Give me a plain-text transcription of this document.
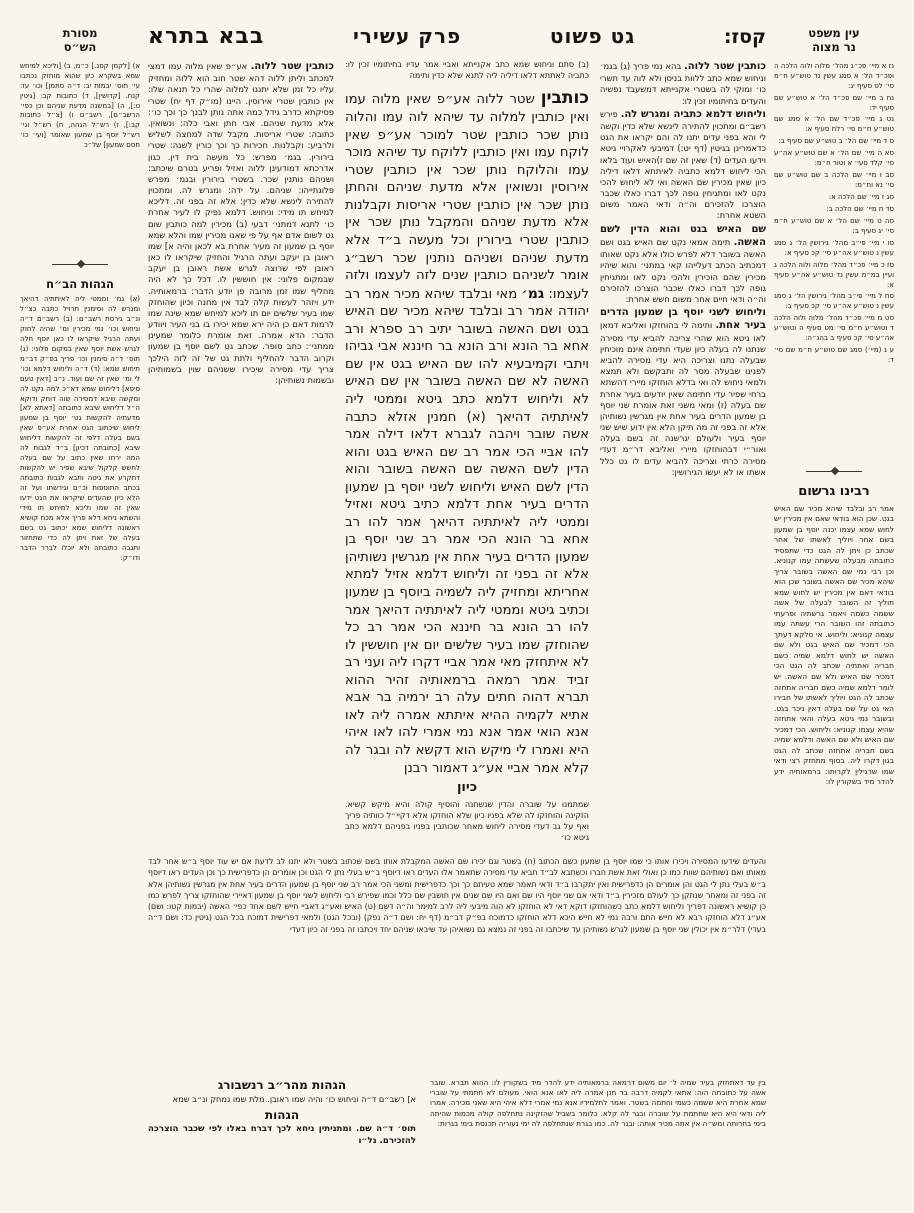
קסז:
גט פשוט
פרק עשירי
בבא בתרא	עין משפט
נר מצוה
נז א מיי׳ פכ״ג מהל׳ מלוה ולוה הלכה ה ופכ״ד הל׳ א סמג עשין נד טוש״ע ח״מ סי׳ לט סעיף יג:
נח ב מיי׳ שם פכ״ד הל׳ א טוש״ע שם סעיף יד:
נט ג מיי׳ פכ״ד שם הל׳ א סמג שם טוש״ע ח״מ סי׳ רלח סעיף א:
ס ד מיי׳ שם הל׳ ב טוש״ע שם סעיף ב:
סא ה מיי׳ שם הל׳ א שם טוש״ע אה״ע סי׳ קלד סעי׳ א וטור ח״מ:
סב ו מיי׳ שם הלכה ב שם טוש״ע שם סי׳ נא וח״מ:
סג ז מיי׳ שם הלכה א:
סד ח מיי׳ שם הלכה ב:
סה ט מיי׳ שם הל׳ א שם טוש״ע ח״מ סי׳ יג סעיף ב:
סו י מיי׳ פי״ב מהל׳ גירושין הל׳ ג סמג עשין נ טוש״ע אה״ע סי׳ קכ סעיף א:
סז כ מיי׳ פכ״ד מהל׳ מלוה ולוה הלכה ג ועיין במ״מ עשין נד טוש״ע אה״ע סעיף א:
סח ל מיי׳ פי״ב מהל׳ גירושין הל׳ ג סמג עשין נ טוש״ע אה״ע סי׳ קכ סעיף ב:
סט מ מיי׳ פכ״ד מהל׳ מלוה ולוה הלכה ד וטוש״ע ח״מ סי׳ מט סעיף ה וטוש״ע אה״ע סי׳ קכ סעיף ב בהג״ה:
ע נ (מיי׳) סמג שם טוש״ע ח״מ שם סי׳ ד:
רבינו גרשום
אמר רב ובלבד שיהא מכיר שם האיש בגט. שכן הוא בודאי שאם אין מכירין יש לחוש שמא עצמו יכנה יוסף בן שמעון בשם אחר ויוליך לאשתו של אחר שכתב כן ויתן לה הגט כדי שתפסיד כתובתה מבעלה שעשתה עמו קנוניא. וכן רבי נמי שם האשה בשובר צריך שיהא מכיר שם האשה בשובר שכן הוא בודאי דאם אין מכירין יש לחוש שמא תוליך זה השובר לבעלה של אשה ששמה כשמה ויאמר גרשתיה ופרעתי כתובתה זהו השובר הרי עשתה עמו עצמה קנוניא: וליחוש. אי סלקא דעתך הכי דמכיר שם האיש בגט ולא שם האשה יש לחוש דלמא שמיה כשם חבריה ואתתיה שכתב לה הגט הכי דמכיר שם האיש ולא שם האשה. יש לומר דלמא שמיה כשם חבריה אתחזה שכתב לה הגט ויוליך לאשתו של חבירו האי גט על שם בעלה דאין ניכר בגט. ובשובר נמי גיטא בעלה והאי אתחזה שהיא עצמו קנוניא: וליחוש. הכי דמכיר שם האיש ולא שם האשה ודלמא שמיה בשם חבריה אתחזה שכתב לה הגט בגון דקרו ליה. בסוף מתחזק רצי ודאי שמו שרגילין לקרותו: ברמאותיה ידע להדר מיד בשקורין לו:
מסורת
הש״ס
א) [לקמן קסג.] כ״מ, ב) [וליכא למיחש שמא בשקרא כיון שהוא מוחזק נכתבו עי׳ תוס׳ יבמות יב: ד״ה סתמן] וכו׳ עז: קנח. [קדושין], ד) כתובות קב: [גיטין ט:], ה) [במשנה מדעת שניהם וכן כפי׳ הרשב״ם], רשב״ם ו) [צ״ל כתובות קב:], ז) רש״ל הגהה, ח) רש״ל וגי׳ רש״ל יוסף בן שמעון שאומר [ועי׳ כו׳ חסם שמעון] של״כ
הגהות הב״ח
(א) גמ׳ וממטי ליה לאיתתיה דהיאך ומגרש לה וסימנין תרויל כתבה כצ״ל ונ״ב גירסת רשב״ם: (ב) רשב״ם ד״ה וניחוש וכו׳ נמי מכירין ומ׳ שהיה לחוק ועתה הרגיל שיקראו לו כאן יוסף חלה לגרש אשת יוסף שאין במקום פלוני: (ג) תוס׳ ד״ה סימנין וכו׳ פריך בפ״ק דב״מ תיחוש שמא: (ד) ד״ה וליחוש דלמא וכו׳ לי ומ׳ שאין זה שם ועוד. נ״ב [דאין טעם סיפא] דליחוש שמא דא״כ למה נקט לה ומקשה שיבא דמסירה שוה דוחק ודוקא ה״ל דליחוש שיבא כתובתה [דאתא לא] מדעתיה להקשות גט׳ יוסף בן שמעון ליחוש שיכתוב הגט אחרת אע״פ שאין בשם בעלה דלפי זה להקשות דליחוש שיבא [כתובתה דכיון] ב״ד לגבות לה המה ירחו שאין כתוב על שם בעלה לחשש קלקול שיבא שפיר יש להקשות דתקרע את גיטה ותבא לגבות כתובתה בכתב התוספות וכ״ם וגירשתו ועל זה הלא כיון שהעדים שיקראו את הגט ידעו שאין זה שמו וליכא למיחש תו מידי והשתא ניחא דלא פריך אלא מכח קושיא ראשונה דליחוש שמא יכתוב גט בשם בעלה של זאת ויתן לה כדי שתחזור ותגבה כתובתה ולא יוכלו לברר הדבר ודו״ק:

כותבין שטר ללוה. בהא נמי פריך (ג) בגמ׳ וניחוש שמא כתב ללוות בניסן ולא לוה עד תשרי כו׳ ומוקי לה בשטרי אקנייתא דמשעבד נפשיה והעדים בחיתומיו זכין לו:

וליחוש דלמא כתביה ומגרש לה. פירש רשב״ם ומתכוין להתירה לינשא שלא כדין וקשה לי והא בפני עדים יתנו לה והם יקראו את הגט כדאמרינן בגיטין (דף יט:) דמיבעי לאקרויי גיטא וידעו העדים (ד) שאין זה שם ז)האיש ועוד בלאו הכי ליחוש דלמא כתביה לאיתתא דלאו דיליה כיון שאין מכירין שם האשה ואי לא ליחוש להכי נקט לאו ומתגיחין גופה לכך דברו כאלו שכבר הוצרכו להזכירם וה״ה ודאי האמר משום השטא אחרת:

שם האיש בגט והוא הדין לשם האשה. תימה אמאי נקט שם האיש בגט ושם האשה בשובר דלא לפרש כולו אלא נקט שאותו דמכתיב הכתב דעלייהו קאי במתני׳ והוא שיהיו מכירין שהם הוכירין ולהכי נקט לאו ומתגיחין גופה לכך דברו כאלו שכבר הוצרכו להזכירם וה״ה ודאי חיים אחר משום חשש אחרת:

וליחוש לשני יוסף בן שמעון הדרים בעיר אחת. ותימה לי בהוחזקו ואליבא דמאן לאו גיטא הוא שהרי צריכה להביא עדי מסירה שנתנו לה בעלה כיון שעדי חתימה אינם מוכיחין שבעלה נתנו וצריכה היא עדי מסירה להביא לפנינו שבעלה מסר לה ותבקשם ולא תמצא ולמאי ניחוש לה ואי בדלא הוחזקו מיירי דהשתא ברחי שפיר עדי חתימה שאין יודעים בעיר אחרת שם בעלה (ז) ומאי משני זאת אומרת שני יוסף בן שמעון הדרים בעיר אחת אין מגרשין נשותיהן אלא זה בפני זה מה תיקן הלא אין ידוע שיש שני יוסף בעיר ולעולם יגרשנה זה בשם בעלה ואור״י דבהוחזקו מיירי ואליבא דר״מ דעדי מסירה כרתי וצריכה להביא עדים לו גט כלל אשתו או לא יעשו הגירושין:

(ב) סתם וניחוש שמא כתב אקנייתא ואביי אמר עדיו בחיתומיו זכין לו: כתביה לאתתא דלאו דיליה ליה לתנא שלא כדין ותימה
כותבין שטר ללוה אע״פ שאין מלוה עמו ואין כותבין למלוה עד שיהא לוה עמו והלוה נותן שכר כותבין שטר למוכר אע״פ שאין לוקח עמו ואין כותבין ללוקח עד שיהא מוכר עמו והלוקח נותן שכר אין כותבין שטרי אירוסין ונשואין אלא מדעת שניהם והחתן נותן שכר אין כותבין שטרי אריסות וקבלנות אלא מדעת שניהם והמקבל נותן שכר אין כותבין שטרי בירורין וכל מעשה ב״ד אלא מדעת שניהם ושניהם נותנין שכר רשב״ג אומר לשניהם כותבין שנים לזה לעצמו ולזה לעצמו: גמ׳ מאי ובלבד שיהא מכיר אמר רב יהודה אמר רב ובלבד שיהא מכיר שם האיש בגט ושם האשה בשובר יתיב רב ספרא ורב אחא בר הונא ורב הונא בר חיננא אבי גביהו ויתבי וקמיבעיא להו שם האיש בגט אין שם האשה לא שם האשה בשובר אין שם האיש לא וליחוש דלמא כתב גיטא וממטי ליה לאיתתיה דהיאך (א) חמנין אזלא כתבה אשה שובר ויהבה לגברא דלאו דילה אמר להו אביי הכי אמר רב שם האיש בגט והוא הדין לשם האשה שם האשה בשובר והוא הדין לשם האיש וליחוש לשני יוסף בן שמעון הדרים בעיר אחת דלמא כתיב גיטא ואזיל וממטי ליה לאיתתיה דהיאך אמר להו רב אחא בר הונא הכי אמר רב שני יוסף בן שמעון הדרים בעיר אחת אין מגרשין נשותיהן אלא זה בפני זה וליחוש דלמא אזיל למתא אחריתא ומחזיק ליה לשמיה ביוסף בן שמעון וכתיב גיטא וממטי ליה לאיתתיה דהיאך אמר להו רב הונא בר חיננא הכי אמר רב כל שהוחזק שמו בעיר שלשים יום אין חוששין לו לא איתחזק מאי אמר אביי דקרו ליה ועני רב זביד אמר רמאה ברמאותיה זהיר ההוא תברא דהוה חתים עלה רב ירמיה בר אבא אתיא לקמיה ההיא איתתא אמרה ליה לאו אנא הואי אמר אנא נמי אמרי להו לאו איהי היא ואמרו לי מיקש הוא דקשא לה ובגר לה קלא אמר אביי אע״ג דאמור רבנן
כיון
שמתמנו על שוברה והדין שנשתנה והוסיף קולה והיא מיקש קשיא. הזקינה והוחזקו לה שלא בפניו כיון שלא הוחזקו אלא דקיי״ל כוותיה פריך ואף על גב דעדי מסירה ליחוש מאחר שכותבין בפניו בפניהם דלמא כתב גיטא כו׳

כותבין שטר ללוה. אע״פ שאין מלוה עמו דמצי למכתב וליתן ללוה דהא שטר חוב הוא ללוה ומחזיק עליו כל זמן שלא יתננו למלוה שהרי כל תנאה שלו: אין כותבין שטרי אירוסין. היינו (מו״ק דף יח) שטרי פסיקתא כדרב גידל כמה אתה נותן לבנך כך וכך כו׳: אלא מדעת שניהם. אבי חתן ואבי כלה: ונשואין. כתובה: שטרי אריסות. מקבל שדה למחצה לשליש ולרביע: וקבלנות. חכירות כך וכך כורין לשנה: שטרי בירורין. בגמ׳ מפרש: כל מעשה בית דין. כגון אדרכתא דמודעינן ללוה ואזיל ופריע בטרם שיכתב: ושניהם נותנין שכר. בשטרי בירורין ובגמ׳ מפרש פלוגתייהו: שניהם. על ידה: ומגרש לה. ומתכוין להתירה לינשא שלא כדין: אלא זה בפני זה. דליכא למיחש תו מידי: וניחוש. דלמא נפיק לו לעיר אחרת כו׳ לתנא דמתני׳ דבעי (ב) מכירין למה כותבין שום גט לשום אדם אף על פי שאנו מכירין שמו והלא שמא יוסף בן שמעון זה מעיר אחרת בא לכאן והיה א] שמו ראובן בן יעקב ועתה הרגיל והחזיק שיקראו לו כאן ראובן לפי שרוצה לגרש אשת ראובן בן יעקב שבמקום פלוני: אין חוששין לו. דכל כך לא היה מחליף שמו זמן מרובה פן יודע הדבר: ברמאותיה. ידע ויזהר לעשות קלה לבד אין מחנה וכיון שהוחזק שמו בעיר שלשים יום תו ליכא למיחש שמא שינה שמו לרמות דאם כן היה ירא שמא יכירו בו בני העיר ויוודע הדבר: הדא אמרה. זאת אומרת כלומר שמעינן ממתני׳: כתב סופר. שכתב גט לשם יוסף בן שמעון וקרוב הדבר להחליף ולתת גט של זה לזה הילכך צריך עדי מסירה שיכירו ששניהם שוין בשמותיהן ובשמות נשותיהן:

והעדים שידעו המסירה ויכירו אותו כי שמו יוסף בן שמעון כשם הכתוב (ח) בשטר וגם יכירו שם האשה המקבלת אותו בשם שכתוב בשטר ולא יתנו לב לדעת אם יש עוד יוסף ב״ש אחר לבד מאותו ואם נשותיהם שוות כמו כן ואולי זאת אשת חברו וכשתבא לב״ד תביא עדי מסירה שתאמר אלו העדים ראו דיוסף ב״ש בעלי נתן לי הגט וכן אומרים הן כדפרישית כך וכן העדים ראו דיוסף ב״ש בעלי נתן לי הגט והן אומרים הן כדפרישית ואין יתקרבו ב״ד ודאי תאמר שמא טעיתם כך וכך כדפרישית ומשני הכי אמר רב שני יוסף בן שמעון הדרים בעיר אחת אין מגרשין נשותיהן אלא זה בפני זה ומאחר שנתקן כך לעולם מזכירין ב״ד ודאי אם שני יוסף היו שם ואם היו שם שנים אין חושבין שם כלל וכמו שפירש רבי וליחוש לשני יוסף בן שמעון דאיירי שהוחזקו צריך לפרש כמו כן קושיא ראשונה דפריך וליחוש דלמא כתב כשהוחזקו דוקא דאי לא הוחזקו לא הוה מיבעי ליה לרב למימר וה״ה דשם (ט) האיש ואע״ג דאביי חייש לשם אחד כפי׳ האשה (יבמות קטו: ושם) אע״ג דלא הוחזקו רבא לא חייש התם ורבה נמי לא חייש היכא דלא הוחזקו כדמוכח בפ״ק דב״מ (דף יח: ושם ד״ה נפק) (ובכל הגט) ולמאי דפרישית דמוכח בכל הגט (גיטין כד: ושם ד״ה בעדי) דלר״מ אין יכולין שני יוסף בן שמעון לגרש נשותיהן עד שיכתבו זה בפני זה נמצא גם נשואיהן עד שיבאו שניהם יחד ויכתבו זה בפני זה כיון דעדי
בין עד דאתחזק בעיר שמיה ל׳ יום משום דרמאה ברמאותיה ידע להדר מיד בשקורין לו: ההוא תברא. שובר אשה על כתובתה הוה: אתאי לקמיה דרבה בר חנן אמרה ליה לאו אנא הואי. מעולם לא חתמתי על שוברי שמא אחרת היא ששמה כשמי וחתמה בשטר. ואמר לתלמידיו אנא נמי אמרי דלא איהי היא שאני מכירה. אמרו ליה ודאי היא היא שחתמת על שוברה ובגר לה קלא. כלומר בשביל שהזקינה נתחלפה קולה מכמות שהיתה בימי בחרותה ומש״ה אין אתה מכיר אותה: ובגר לה. כמו בגרת שנתחלפה לה ימי נעוריה תכנסת בימי בגרות:
הגהות מהר״ב רנשבורג
א] רשב״ם ד״ה וניחוש כו׳ והיה שמו ראובן. מלת שמו נמחק ונ״ב שמא
הגהות
תוס׳ ד״ה שם. ומתניתין ניחא לכך דברח באלו לפי שכבר הוצרכה להזכירם. נל״ו
